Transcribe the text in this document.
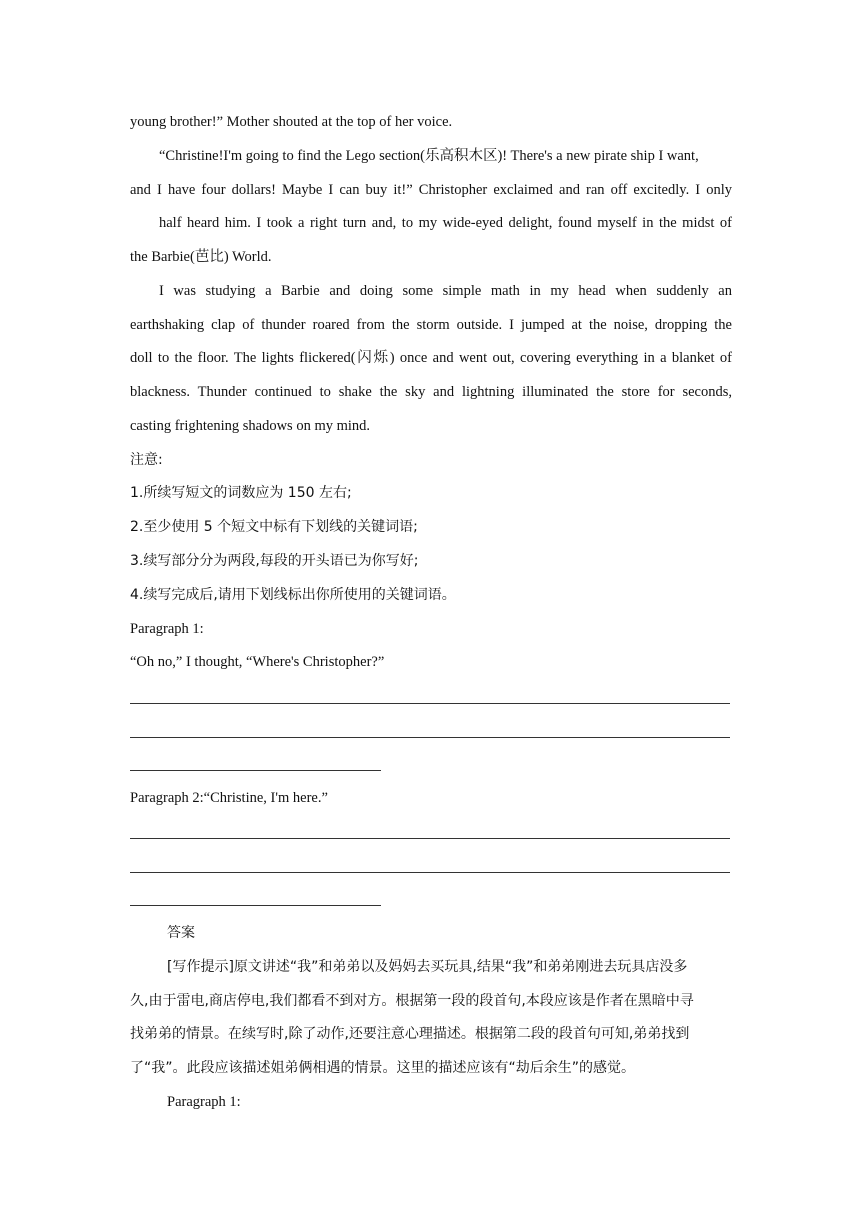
young brother!” Mother shouted at the top of her voice.
“Christine!I'm going to find the Lego section(乐高积木区)! There's a new pirate ship I want,
and I have four dollars! Maybe I can buy it!” Christopher exclaimed and ran off excitedly. I only
half heard him. I took a right turn and, to my wide-eyed delight, found myself in the midst of
the Barbie(芭比) World.
I was studying a Barbie and doing some simple math in my head when suddenly an
earthshaking clap of thunder roared from the storm outside. I jumped at the noise, dropping the
doll to the floor. The lights flickered(闪烁) once and went out, covering everything in a blanket of
blackness. Thunder continued to shake the sky and lightning illuminated the store for seconds,
casting frightening shadows on my mind.
注意:
1.所续写短文的词数应为 150 左右;
2.至少使用 5 个短文中标有下划线的关键词语;
3.续写部分分为两段,每段的开头语已为你写好;
4.续写完成后,请用下划线标出你所使用的关键词语。
Paragraph 1:
“Oh no,” I thought, “Where's Christopher?”
Paragraph 2:“Christine, I'm here.”
答案
[写作提示]原文讲述“我”和弟弟以及妈妈去买玩具,结果“我”和弟弟刚进去玩具店没多
久,由于雷电,商店停电,我们都看不到对方。根据第一段的段首句,本段应该是作者在黑暗中寻
找弟弟的情景。在续写时,除了动作,还要注意心理描述。根据第二段的段首句可知,弟弟找到
了“我”。此段应该描述姐弟俩相遇的情景。这里的描述应该有“劫后余生”的感觉。
Paragraph 1:
